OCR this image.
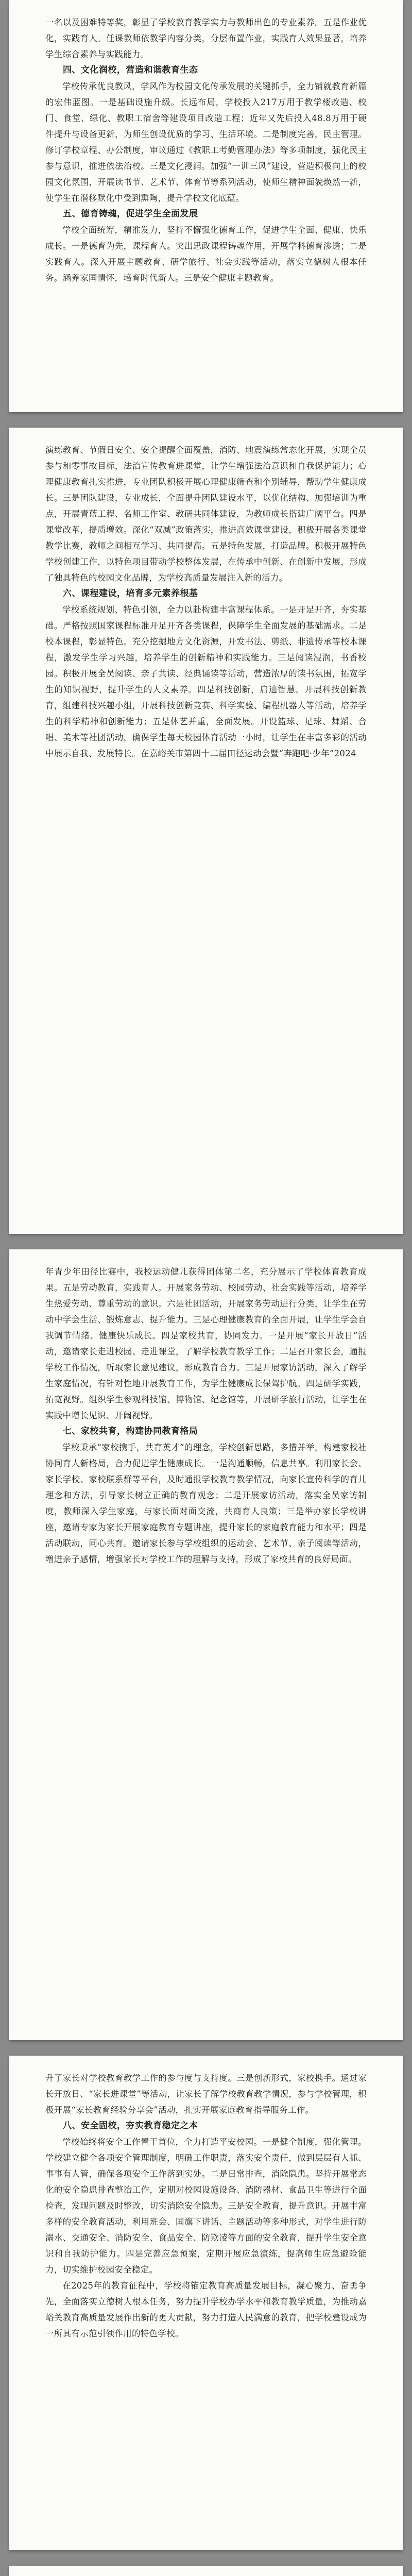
一名以及困难特等奖，彰显了学校教育教学实力与教师出色的专业素养。五是作业优化，实践育人。任课教师依教学内容分类，分层布置作业，实践育人效果显著，培养学生综合素养与实践能力。

四、文化润校，营造和谐教育生态

学校传承优良教风，学风作为校园文化传承发展的关键抓手，全力铺就教育新篇的宏伟蓝图。一是基础设施升级。长远布局，学校投入217万用于教学楼改造、校门、食堂、绿化、教职工宿舍等建设项目改造工程；近年又先后投入48.8万用于硬件提升与设备更新，为师生创设优质的学习、生活环境。二是制度完善，民主管理。修订学校章程、办公制度，审议通过《教职工考勤管理办法》等多项制度，强化民主参与意识，推进依法治校。三是文化浸润。加强“一训三风”建设，营造积极向上的校园文化氛围，开展读书节、艺术节、体育节等系列活动，使师生精神面貌焕然一新，使学生在潜移默化中受到熏陶，提升学校文化底蕴。

五、德育铸魂，促进学生全面发展

学校全面统筹，精准发力，坚持不懈强化德育工作，促进学生全面、健康、快乐成长。一是德育为先，课程育人。突出思政课程铸魂作用，开展学科德育渗透；二是实践育人。深入开展主题教育、研学旅行、社会实践等活动，落实立德树人根本任务。涵养家国情怀，培育时代新人。三是安全健康主题教育。

演练教育、节假日安全、安全提醒全面覆盖，消防、地震演练常态化开展，实现全员参与和零事故目标，法治宣传教育进课堂，让学生增强法治意识和自我保护能力；心理健康教育扎实推进，专业团队积极开展心理健康筛查和个别辅导，帮助学生健康成长。三是团队建设，专业成长，全面提升团队建设水平，以优化结构、加强培训为重点，开展青蓝工程、名师工作室、教研共同体建设，为教师成长搭建广阔平台。四是课堂改革，提质增效。深化“双减”政策落实，推进高效课堂建设，积极开展各类课堂教学比赛，教师之间相互学习、共同提高。五是特色发展，打造品牌。积极开展特色学校创建工作，以特色项目带动学校整体发展，在传承中创新、在创新中发展，形成了独具特色的校园文化品牌，为学校高质量发展注入新的活力。

六、课程建设，培育多元素养根基

学校系统规划、特色引领，全力以赴构建丰富课程体系。一是开足开齐，夯实基础。严格按照国家课程标准开足开齐各类课程，保障学生全面发展的基础需求。二是校本课程，彰显特色。充分挖掘地方文化资源，开发书法、剪纸、非遗传承等校本课程，激发学生学习兴趣，培养学生的创新精神和实践能力。三是阅读浸润，书香校园。积极开展全员阅读、亲子共读、经典诵读等活动，营造浓厚的读书氛围，拓宽学生的知识视野，提升学生的人文素养。四是科技创新，启迪智慧。开展科技创新教育，组建科技兴趣小组，开展科技创新竞赛、科学实验、编程机器人等活动，培养学生的科学精神和创新能力；五是体艺并重，全面发展。开设篮球、足球、舞蹈、合唱、美术等社团活动，确保学生每天校园体育活动一小时，让学生在丰富多彩的活动中展示自我、发展特长。在嘉峪关市第四十二届田径运动会暨“奔跑吧·少年”2024

年青少年田径比赛中，我校运动健儿获得团体第二名，充分展示了学校体育教育成果。五是劳动教育，实践育人。开展家务劳动、校园劳动、社会实践等活动，培养学生热爱劳动、尊重劳动的意识。六是社团活动，开展家务劳动进行分类，让学生在劳动中学会生活、锻炼意志、提升能力。三是心理健康教育的全面开展，让学生学会自我调节情绪、健康快乐成长。四是家校共育，协同发力。一是开展“家长开放日”活动，邀请家长走进校园、走进课堂，了解学校教育教学工作；二是召开家长会，通报学校工作情况，听取家长意见建议，形成教育合力。三是开展家访活动，深入了解学生家庭情况，有针对性地开展教育工作，为学生健康成长保驾护航。四是研学实践，拓宽视野。组织学生参观科技馆、博物馆、纪念馆等，开展研学旅行活动，让学生在实践中增长见识、开阔视野。

七、家校共育，构建协同教育格局

学校秉承“家校携手，共育英才”的理念，学校创新思路，多措并举，构建家校社协同育人新格局，合力促进学生健康成长。一是沟通顺畅，信息共享。利用家长会、家长学校、家校联系群等平台，及时通报学校教育教学情况，向家长宣传科学的育儿理念和方法，引导家长树立正确的教育观念；二是开展家访活动，落实全员家访制度，教师深入学生家庭，与家长面对面交流，共商育人良策；三是举办家长学校讲座，邀请专家为家长开展家庭教育专题讲座，提升家长的家庭教育能力和水平；四是活动联动，同心共育。邀请家长参与学校组织的运动会、艺术节、亲子阅读等活动，增进亲子感情，增强家长对学校工作的理解与支持，形成了家校共育的良好局面。

升了家长对学校教育教学工作的参与度与支持度。三是创新形式，家校携手。通过家长开放日、“家长进课堂”等活动，让家长了解学校教育教学情况，参与学校管理，积极开展“家长教育经验分享会”活动，扎实开展家庭教育指导服务工作。

八、安全固校，夯实教育稳定之本

学校始终将安全工作置于首位，全力打造平安校园。一是健全制度，强化管理。学校建立健全各项安全管理制度，明确工作职责，落实安全责任，做到层层有人抓、事事有人管，确保各项安全工作落到实处。二是日常排查，消除隐患。坚持开展常态化的安全隐患排查整治工作，定期对校园设施设备、消防器材、食品卫生等进行全面检查，发现问题及时整改，切实消除安全隐患。三是安全教育，提升意识。开展丰富多样的安全教育活动，利用班会、国旗下讲话、主题活动等多种形式，对学生进行防溺水、交通安全、消防安全、食品安全、防欺凌等方面的安全教育，提升学生安全意识和自我防护能力。四是完善应急预案，定期开展应急演练，提高师生应急避险能力，切实维护校园安全稳定。

在2025年的教育征程中，学校将锚定教育高质量发展目标，凝心聚力、奋勇争先，全面落实立德树人根本任务，努力提升学校办学水平和教育教学质量，为推动嘉峪关教育高质量发展作出新的更大贡献，努力打造人民满意的教育，把学校建设成为一所具有示范引领作用的特色学校。
